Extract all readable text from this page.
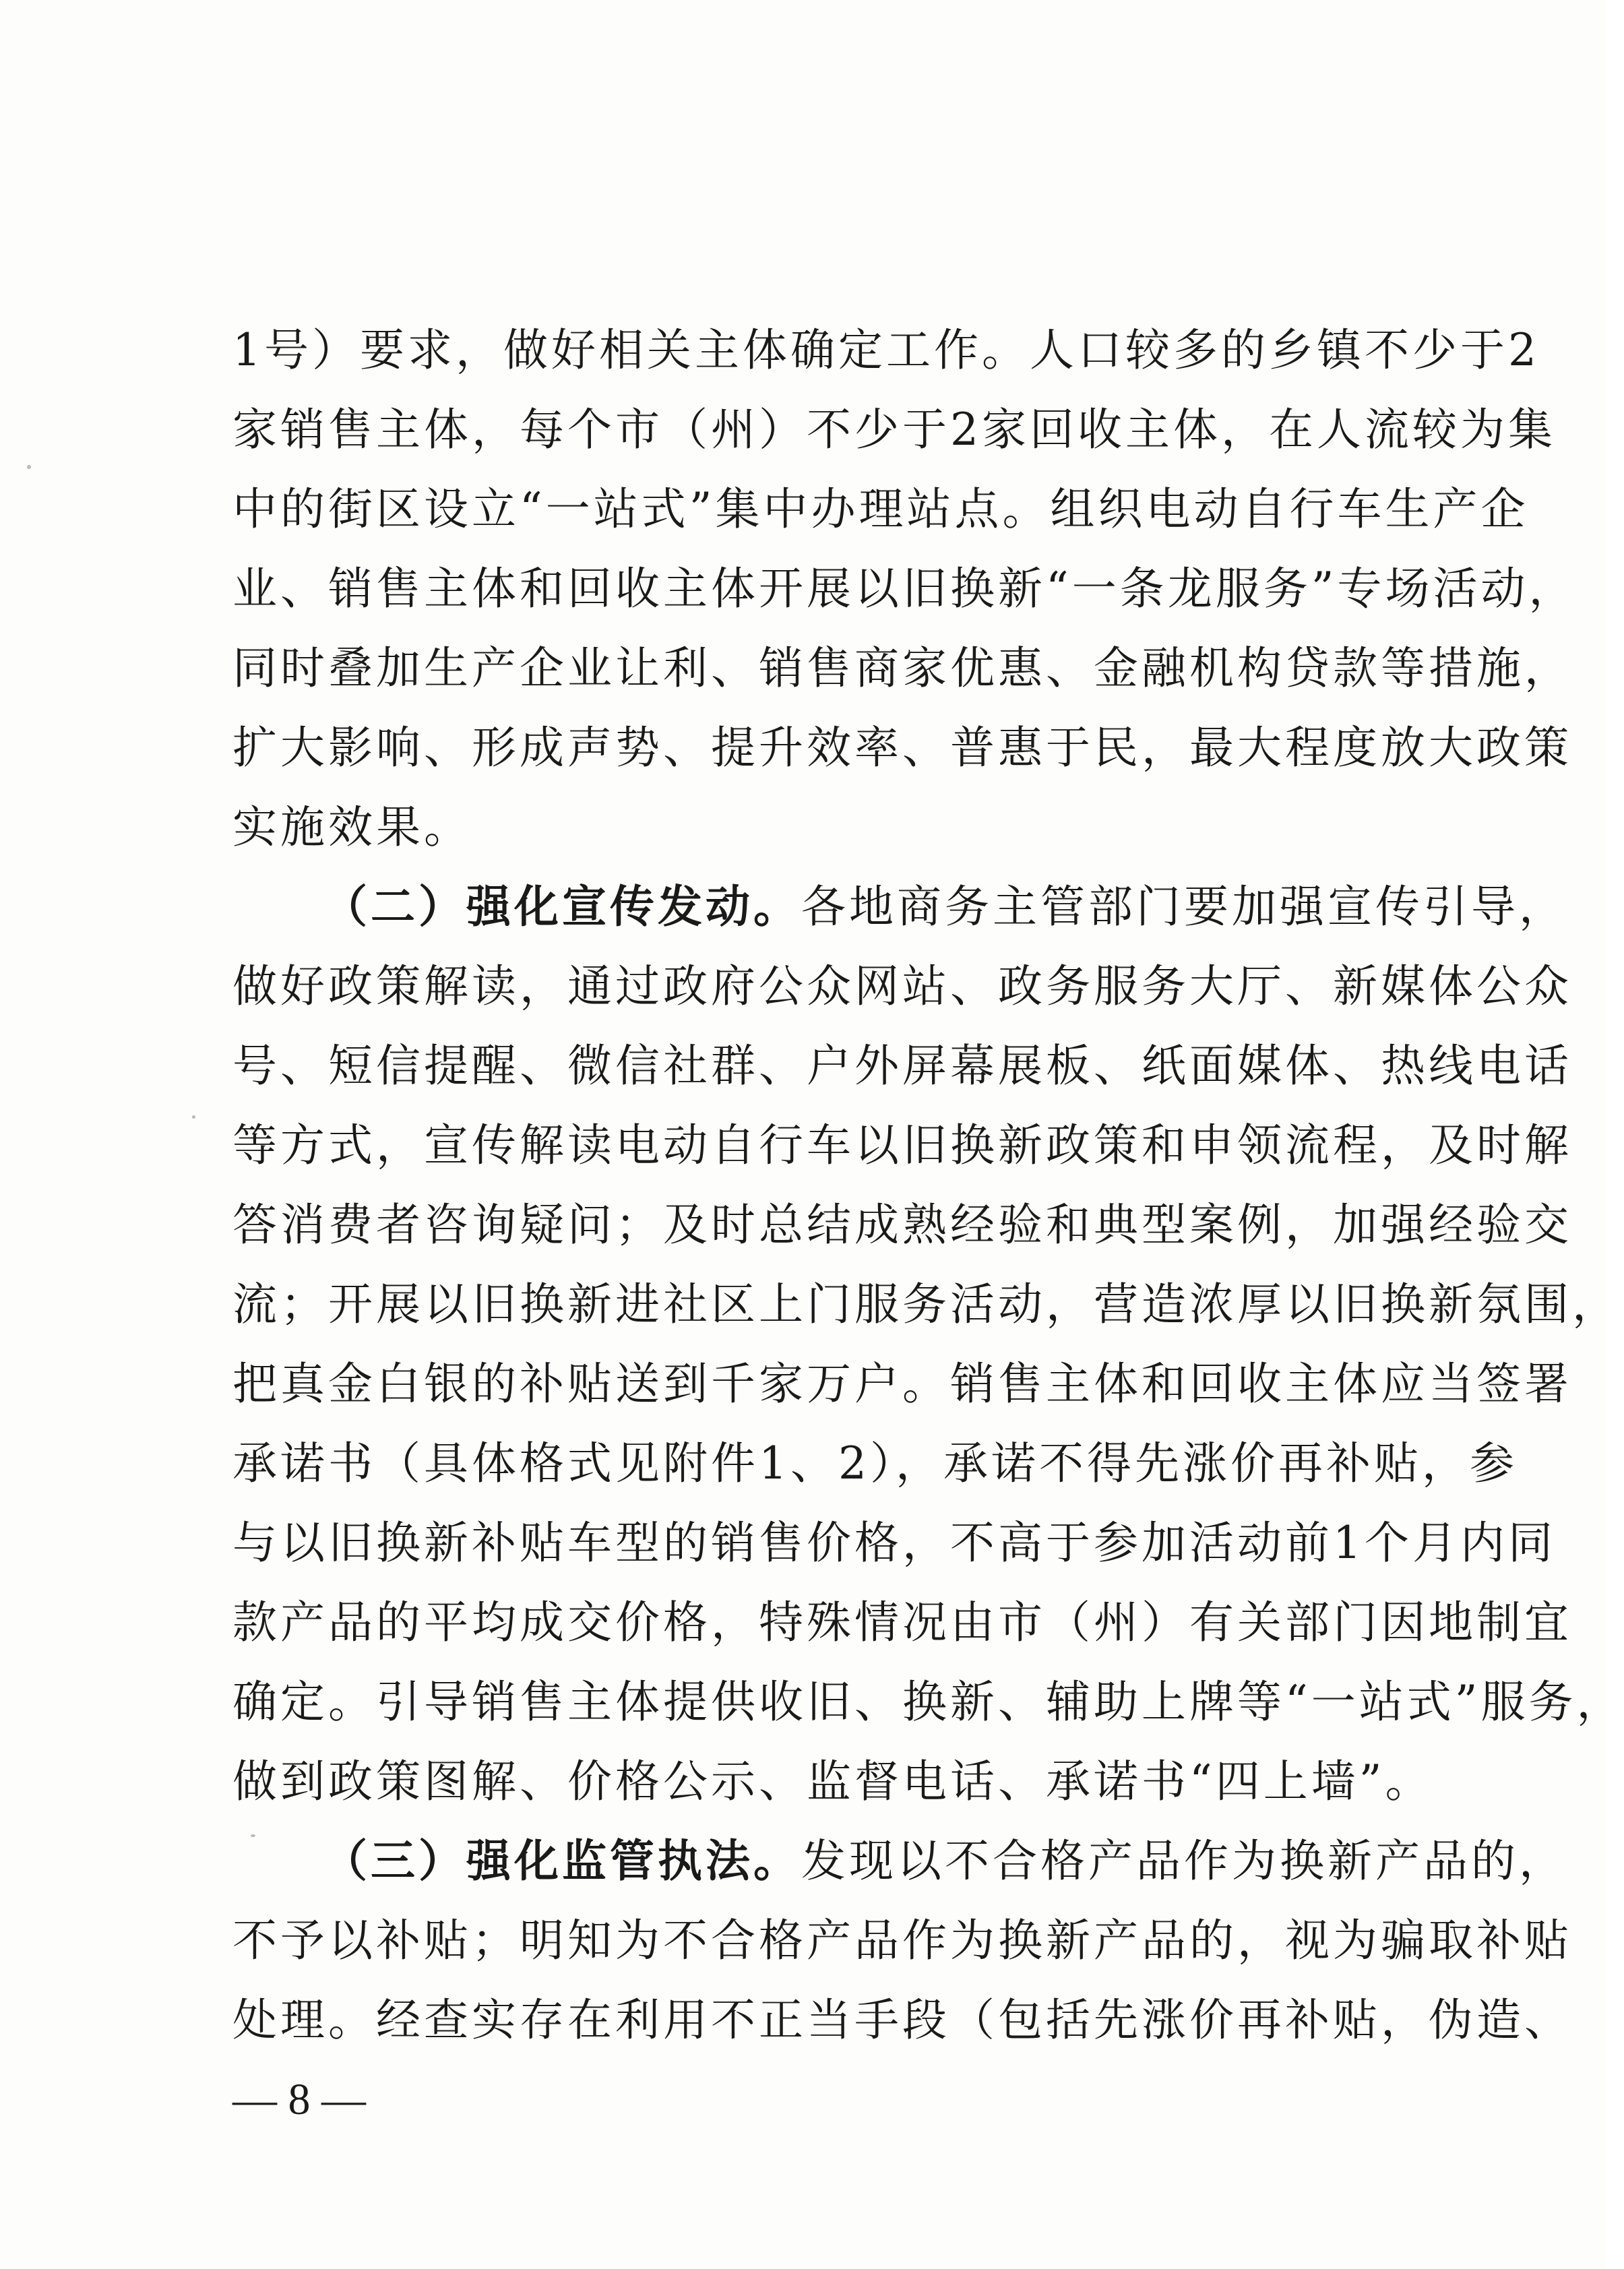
1号）要求，做好相关主体确定工作。人口较多的乡镇不少于2
家销售主体，每个市（州）不少于2家回收主体，在人流较为集
中的街区设立“一站式”集中办理站点。组织电动自行车生产企
业、销售主体和回收主体开展以旧换新“一条龙服务”专场活动，
同时叠加生产企业让利、销售商家优惠、金融机构贷款等措施，
扩大影响、形成声势、提升效率、普惠于民，最大程度放大政策
实施效果。
（二）强化宣传发动。各地商务主管部门要加强宣传引导，
做好政策解读，通过政府公众网站、政务服务大厅、新媒体公众
号、短信提醒、微信社群、户外屏幕展板、纸面媒体、热线电话
等方式，宣传解读电动自行车以旧换新政策和申领流程，及时解
答消费者咨询疑问；及时总结成熟经验和典型案例，加强经验交
流；开展以旧换新进社区上门服务活动，营造浓厚以旧换新氛围，
把真金白银的补贴送到千家万户。销售主体和回收主体应当签署
承诺书（具体格式见附件1、2），承诺不得先涨价再补贴，参
与以旧换新补贴车型的销售价格，不高于参加活动前1个月内同
款产品的平均成交价格，特殊情况由市（州）有关部门因地制宜
确定。引导销售主体提供收旧、换新、辅助上牌等“一站式”服务，
做到政策图解、价格公示、监督电话、承诺书“四上墙”。
（三）强化监管执法。发现以不合格产品作为换新产品的，
不予以补贴；明知为不合格产品作为换新产品的，视为骗取补贴
处理。经查实存在利用不正当手段（包括先涨价再补贴，伪造、
— 8 —
